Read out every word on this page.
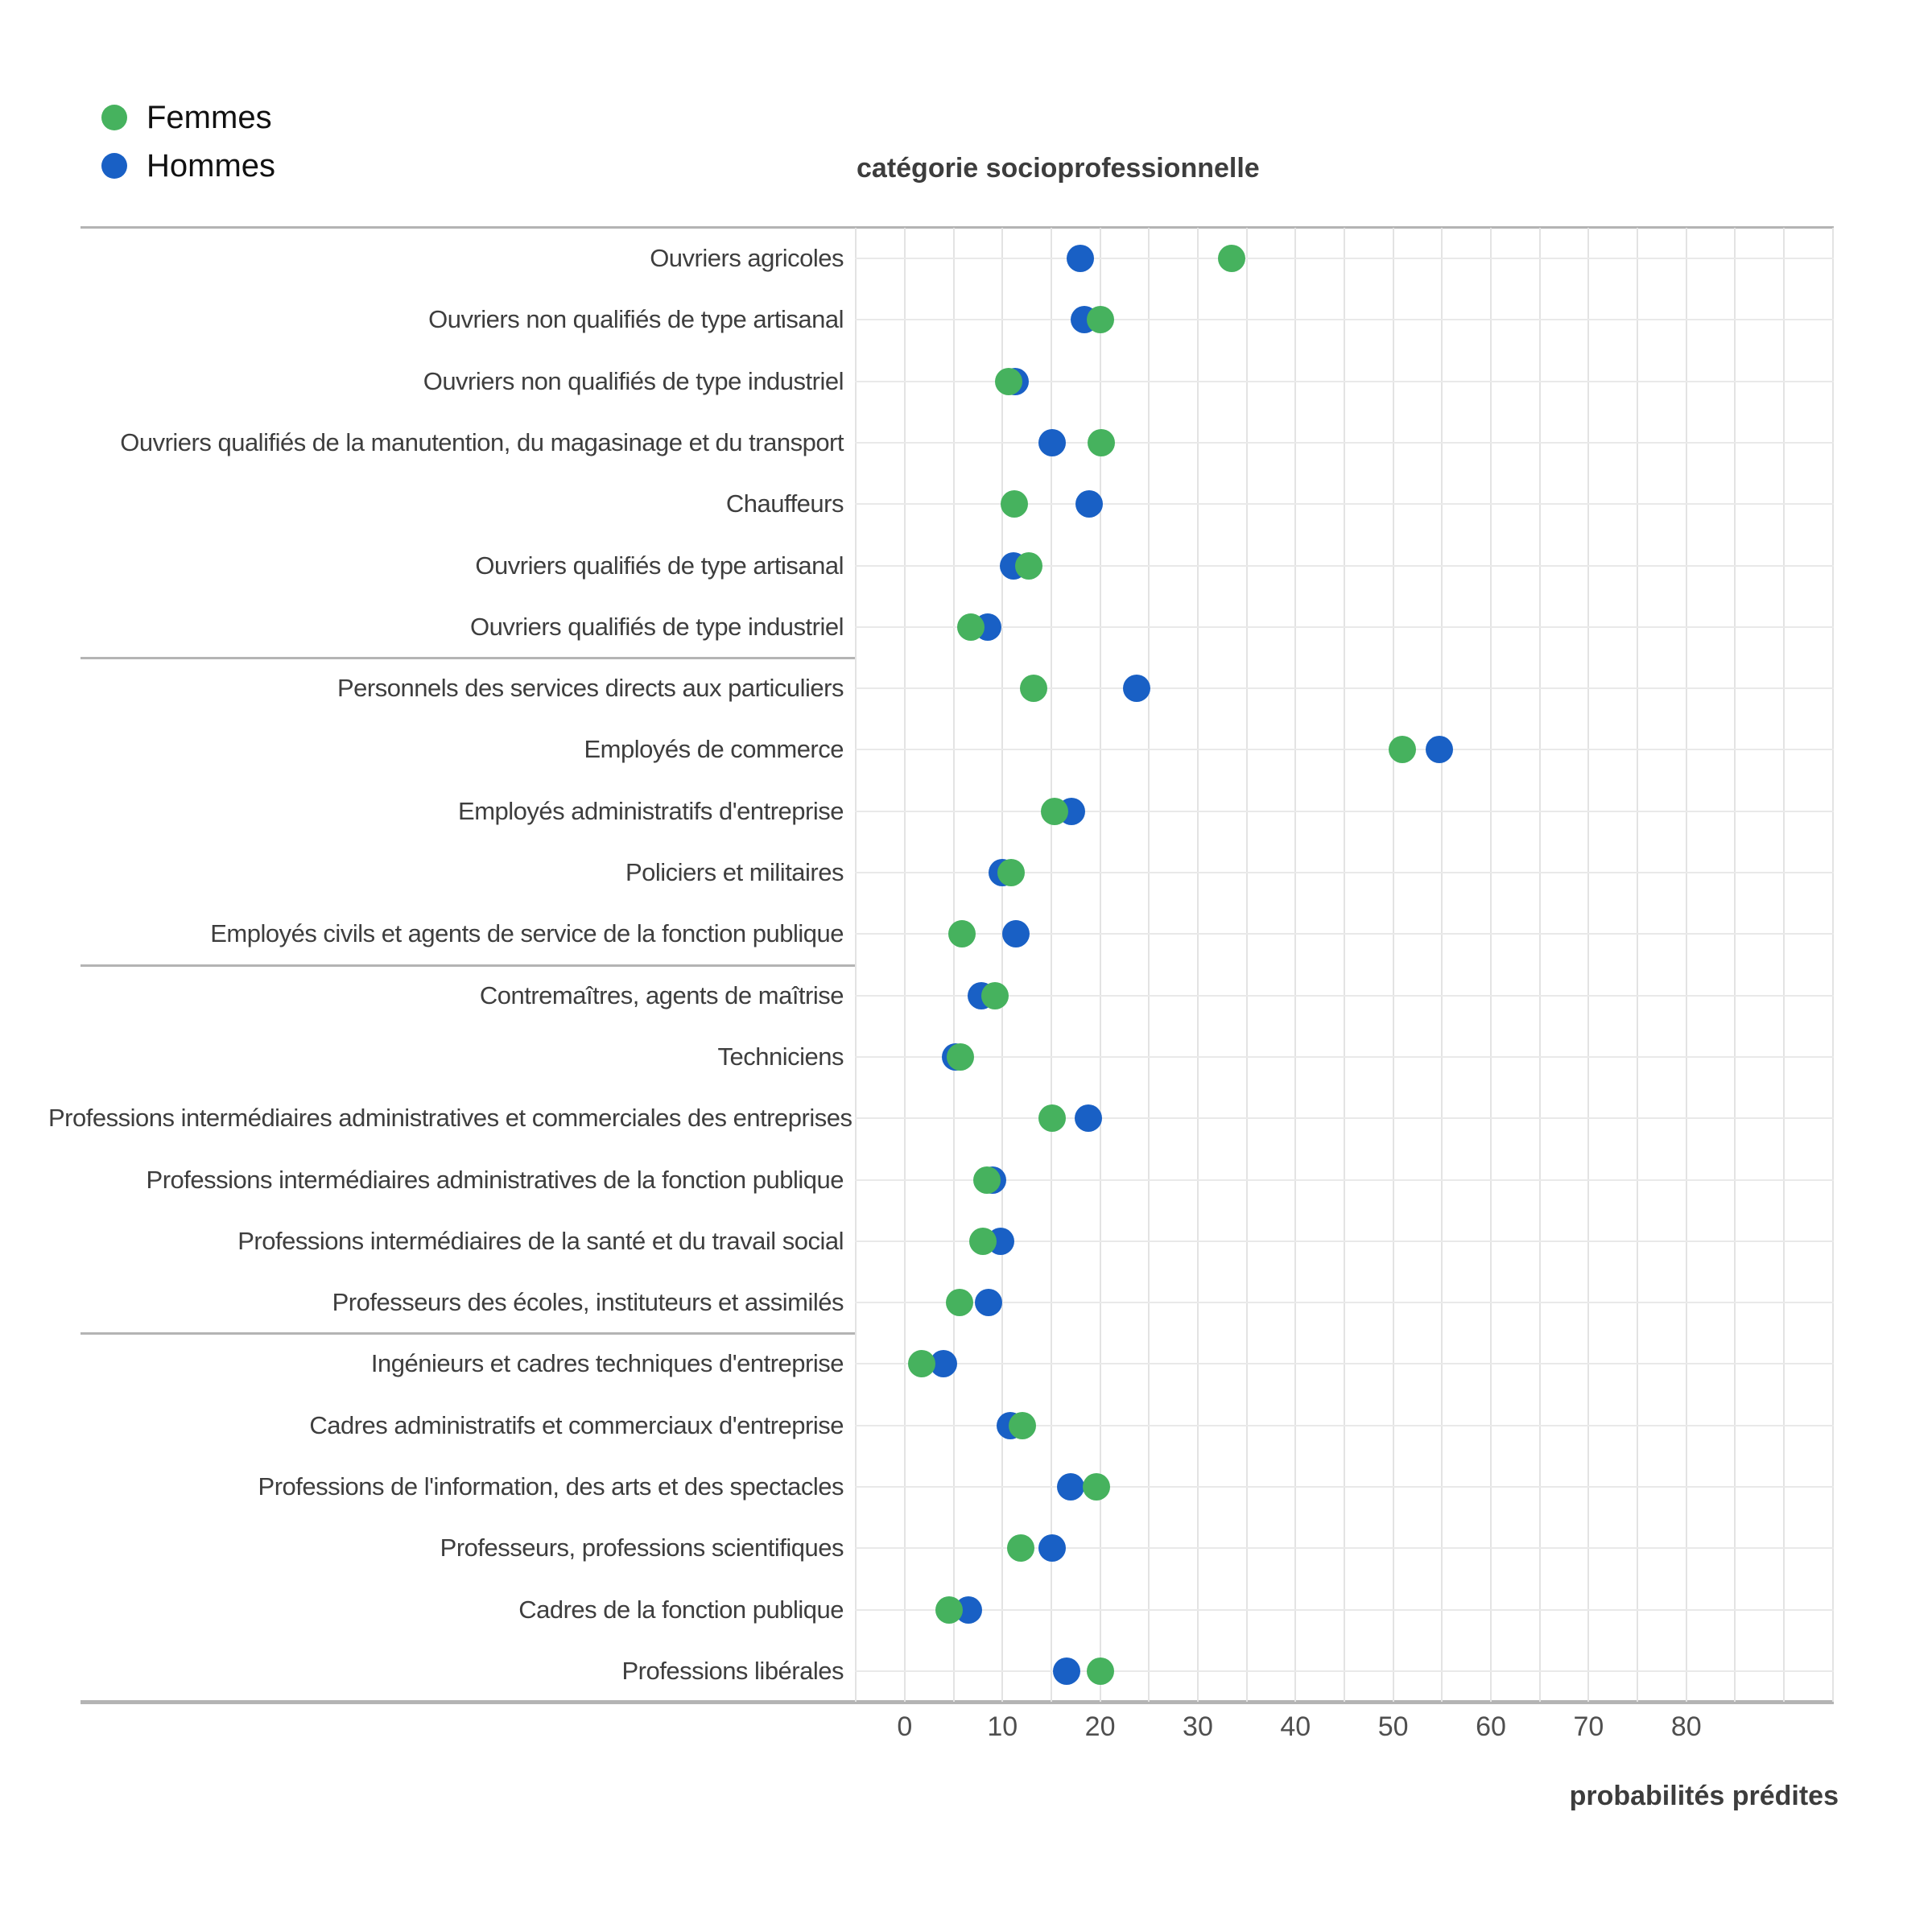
Femmes
Hommes	catégorie socioprofessionnelle
Ouvriers agricoles
Ouvriers non qualifiés de type artisanal
Ouvriers non qualifiés de type industriel
Ouvriers qualifiés de la manutention, du magasinage et du transport
Chauffeurs
Ouvriers qualifiés de type artisanal
Ouvriers qualifiés de type industriel
Personnels des services directs aux particuliers
Employés de commerce
Employés administratifs d'entreprise
Policiers et militaires
Employés civils et agents de service de la fonction publique
Contremaîtres, agents de maîtrise
Techniciens
Professions intermédiaires administratives et commerciales des entreprises
Professions intermédiaires administratives de la fonction publique
Professions intermédiaires de la santé et du travail social
Professeurs des écoles, instituteurs et assimilés
Ingénieurs et cadres techniques d'entreprise
Cadres administratifs et commerciaux d'entreprise
Professions de l'information, des arts et des spectacles
Professeurs, professions scientifiques
Cadres de la fonction publique
Professions libérales
0	10 20 30 40 50 60 70 80
probabilités prédites
